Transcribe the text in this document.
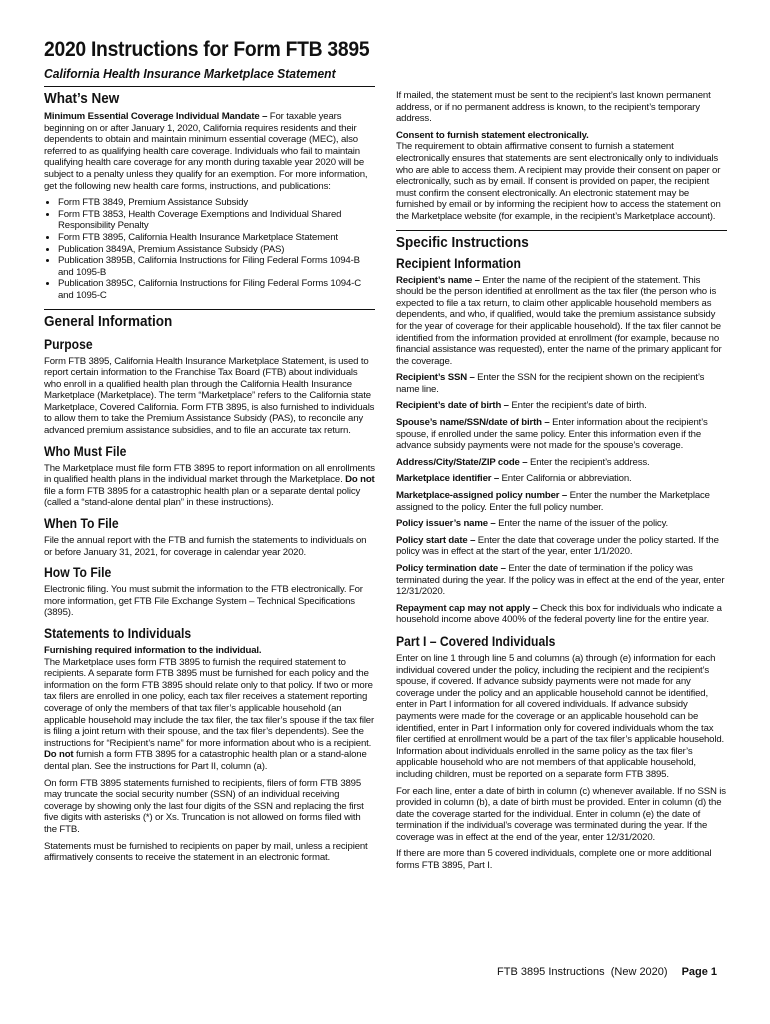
2020 Instructions for Form FTB 3895
California Health Insurance Marketplace Statement
What’s New

Minimum Essential Coverage Individual Mandate – For taxable years beginning on or after January 1, 2020, California requires residents and their dependents to obtain and maintain minimum essential coverage (MEC), also referred to as qualifying health care coverage. Individuals who fail to maintain qualifying health care coverage for any month during taxable year 2020 will be subject to a penalty unless they qualify for an exemption. For more information, get the following new health care forms, instructions, and publications:

• Form FTB 3849, Premium Assistance Subsidy
• Form FTB 3853, Health Coverage Exemptions and Individual Shared Responsibility Penalty
• Form FTB 3895, California Health Insurance Marketplace Statement
• Publication 3849A, Premium Assistance Subsidy (PAS)
• Publication 3895B, California Instructions for Filing Federal Forms 1094-B and 1095-B
• Publication 3895C, California Instructions for Filing Federal Forms 1094-C and 1095-C
General Information
Purpose

Form FTB 3895, California Health Insurance Marketplace Statement, is used to report certain information to the Franchise Tax Board (FTB) about individuals who enroll in a qualified health plan through the California Health Insurance Marketplace (Marketplace). The term “Marketplace” refers to the California state Marketplace, Covered California. Form FTB 3895, is also furnished to individuals to allow them to take the Premium Assistance Subsidy (PAS), to reconcile any advanced premium assistance subsidies, and to file an accurate tax return.

Who Must File

The Marketplace must file form FTB 3895 to report information on all enrollments in qualified health plans in the individual market through the Marketplace. Do not file a form FTB 3895 for a catastrophic health plan or a separate dental policy (called a “stand-alone dental plan” in these instructions).

When To File

File the annual report with the FTB and furnish the statements to individuals on or before January 31, 2021, for coverage in calendar year 2020.

How To File

Electronic filing. You must submit the information to the FTB electronically. For more information, get FTB File Exchange System – Technical Specifications (3895).

Statements to Individuals

Furnishing required information to the individual.
The Marketplace uses form FTB 3895 to furnish the required statement to recipients. A separate form FTB 3895 must be furnished for each policy and the information on the form FTB 3895 should relate only to that policy. If two or more tax filers are enrolled in one policy, each tax filer receives a statement reporting coverage of only the members of that tax filer’s applicable household (an applicable household may include the tax filer, the tax filer’s spouse if the tax filer is filing a joint return with their spouse, and the tax filer’s dependents). See the instructions for “Recipient’s name” for more information about who is a recipient. Do not furnish a form FTB 3895 for a catastrophic health plan or a stand-alone dental plan. See the instructions for Part II, column (a).

On form FTB 3895 statements furnished to recipients, filers of form FTB 3895 may truncate the social security number (SSN) of an individual receiving coverage by showing only the last four digits of the SSN and replacing the first five digits with asterisks (*) or Xs. Truncation is not allowed on forms filed with the FTB.

Statements must be furnished to recipients on paper by mail, unless a recipient affirmatively consents to receive the statement in an electronic format.

If mailed, the statement must be sent to the recipient’s last known permanent address, or if no permanent address is known, to the recipient’s temporary address.

Consent to furnish statement electronically.
The requirement to obtain affirmative consent to furnish a statement electronically ensures that statements are sent electronically only to individuals who are able to access them. A recipient may provide their consent on paper or electronically, such as by email. If consent is provided on paper, the recipient must confirm the consent electronically. An electronic statement may be furnished by email or by informing the recipient how to access the statement on the Marketplace website (for example, in the recipient’s Marketplace account).

Specific Instructions
Recipient Information

Recipient’s name – Enter the name of the recipient of the statement. This should be the person identified at enrollment as the tax filer (the person who is expected to file a tax return, to claim other applicable household members as dependents, and who, if qualified, would take the premium assistance subsidy for the year of coverage for their applicable household). If the tax filer cannot be identified from the information provided at enrollment (for example, because no financial assistance was requested), enter the name of the primary applicant for the coverage.

Recipient’s SSN – Enter the SSN for the recipient shown on the recipient’s name line.

Recipient’s date of birth – Enter the recipient’s date of birth.

Spouse’s name/SSN/date of birth – Enter information about the recipient’s spouse, if enrolled under the same policy. Enter this information even if the advance subsidy payments were not made for the spouse’s coverage.

Address/City/State/ZIP code – Enter the recipient’s address.

Marketplace identifier – Enter California or abbreviation.

Marketplace-assigned policy number – Enter the number the Marketplace assigned to the policy. Enter the full policy number.

Policy issuer’s name – Enter the name of the issuer of the policy.

Policy start date – Enter the date that coverage under the policy started. If the policy was in effect at the start of the year, enter 1/1/2020.

Policy termination date – Enter the date of termination if the policy was terminated during the year. If the policy was in effect at the end of the year, enter 12/31/2020.

Repayment cap may not apply – Check this box for individuals who indicate a household income above 400% of the federal poverty line for the entire year.

Part I – Covered Individuals

Enter on line 1 through line 5 and columns (a) through (e) information for each individual covered under the policy, including the recipient and the recipient’s spouse, if covered. If advance subsidy payments were not made for any coverage under the policy and an applicable household cannot be identified, enter in Part I information for all covered individuals. If advance subsidy payments were made for the coverage or an applicable household can be identified, enter in Part I information only for covered individuals whom the tax filer certified at enrollment would be a part of the tax filer’s applicable household. Information about individuals enrolled in the same policy as the tax filer’s applicable household who are not members of that applicable household, including children, must be reported on a separate form FTB 3895.

For each line, enter a date of birth in column (c) whenever available. If no SSN is provided in column (b), a date of birth must be provided. Enter in column (d) the date the coverage started for the individual. Enter in column (e) the date of termination if the individual’s coverage was terminated during the year. If the coverage was in effect at the end of the year, enter 12/31/2020.

If there are more than 5 covered individuals, complete one or more additional forms FTB 3895, Part I.

FTB 3895 Instructions  (New 2020) Page 1
